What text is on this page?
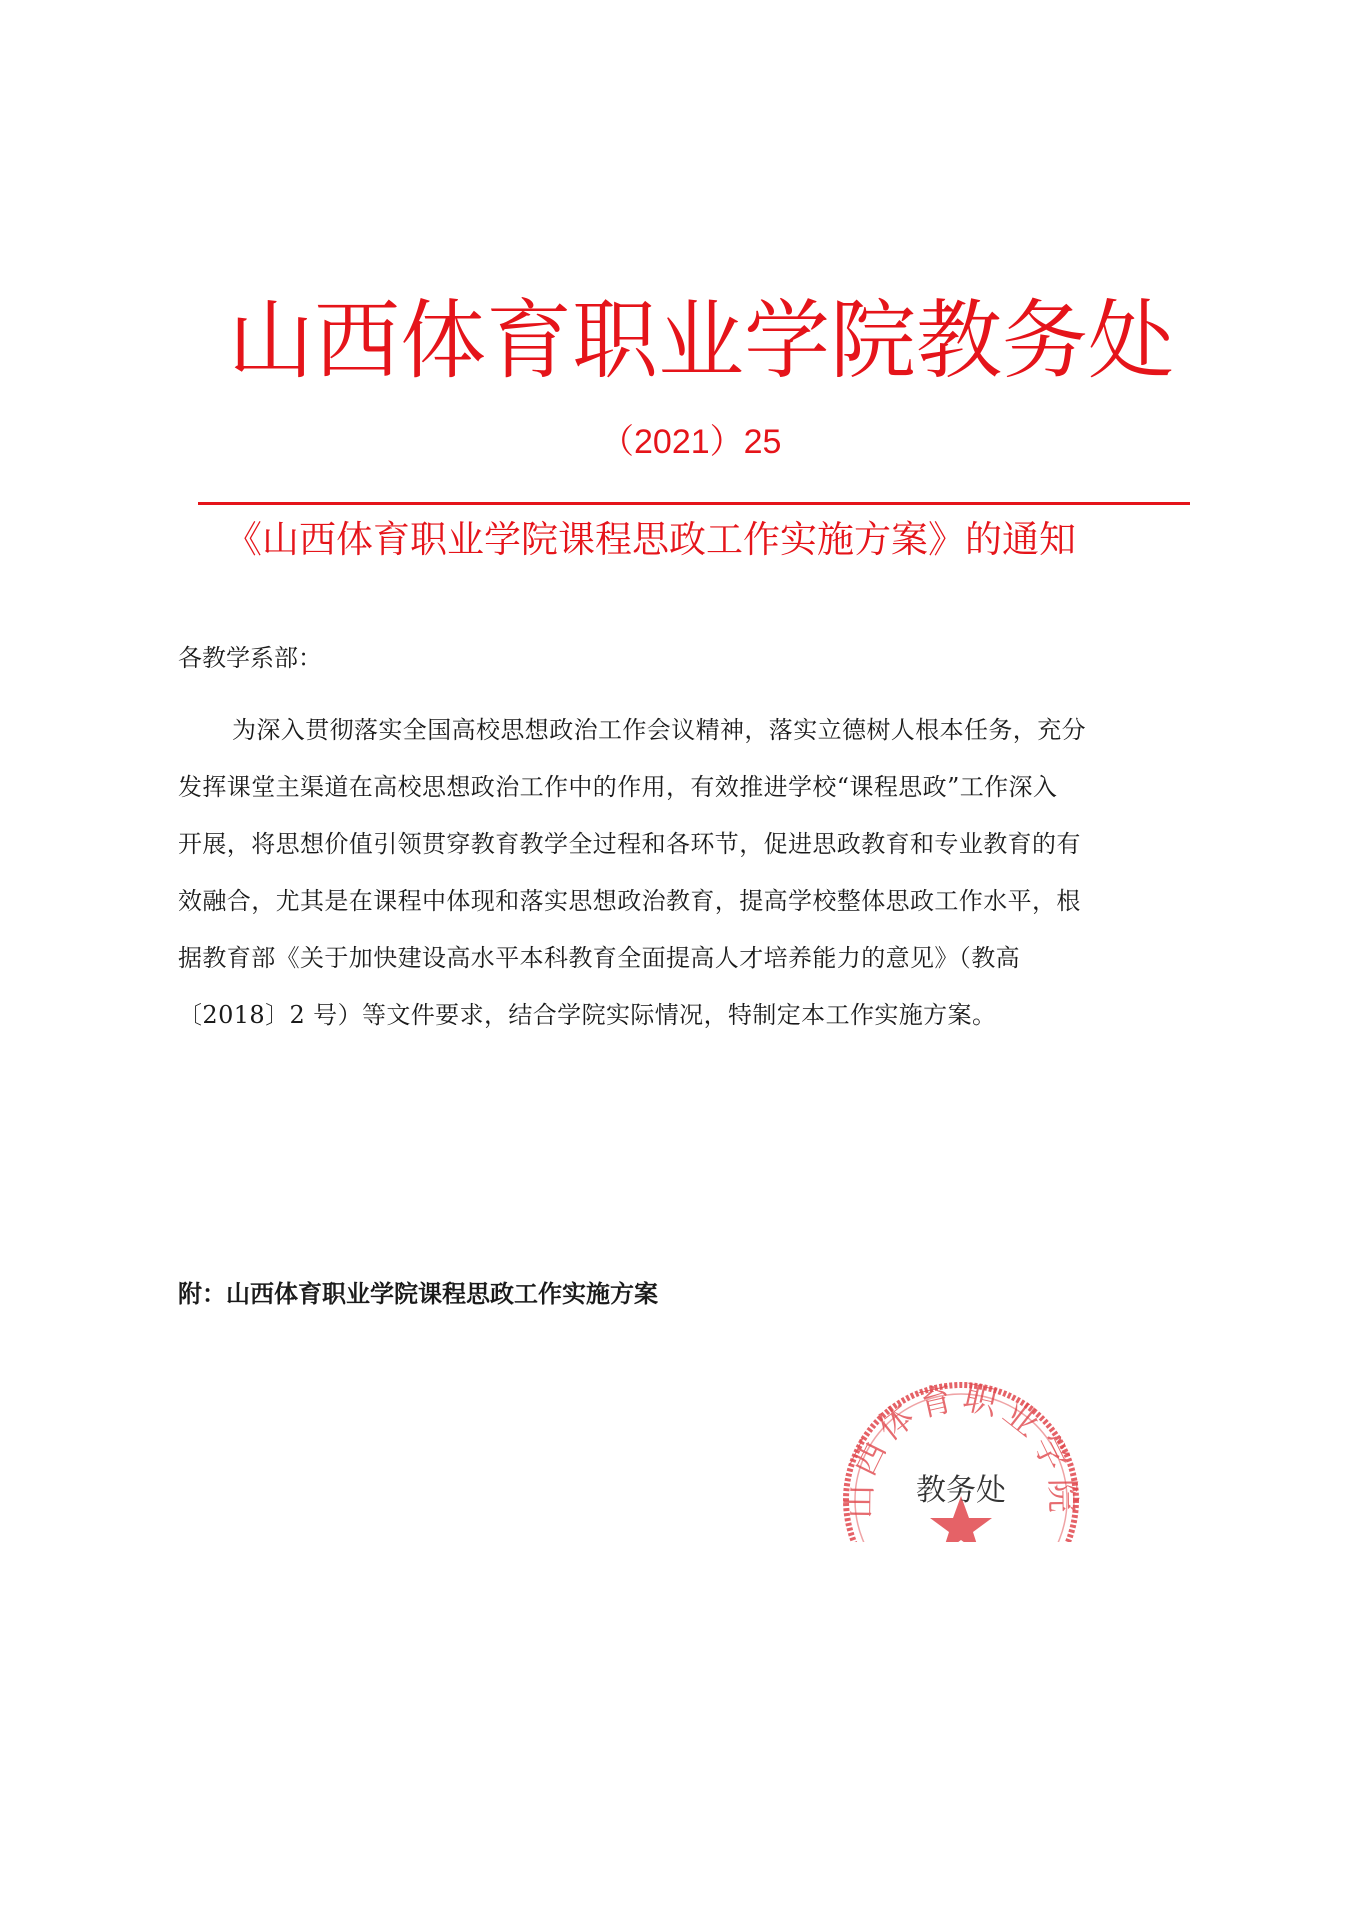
山西体育职业学院教务处
（2021）25
《山西体育职业学院课程思政工作实施方案》的通知
各教学系部：
为深入贯彻落实全国高校思想政治工作会议精神，落实立德树人根本任务，充分
发挥课堂主渠道在高校思想政治工作中的作用，有效推进学校“课程思政”工作深入
开展，将思想价值引领贯穿教育教学全过程和各环节，促进思政教育和专业教育的有
效融合，尤其是在课程中体现和落实思想政治教育，提高学校整体思政工作水平，根
据教育部《关于加快建设高水平本科教育全面提高人才培养能力的意见》（教高
〔2018〕2 号）等文件要求，结合学院实际情况，特制定本工作实施方案。
附：山西体育职业学院课程思政工作实施方案
山西体育职业学院
教务处
